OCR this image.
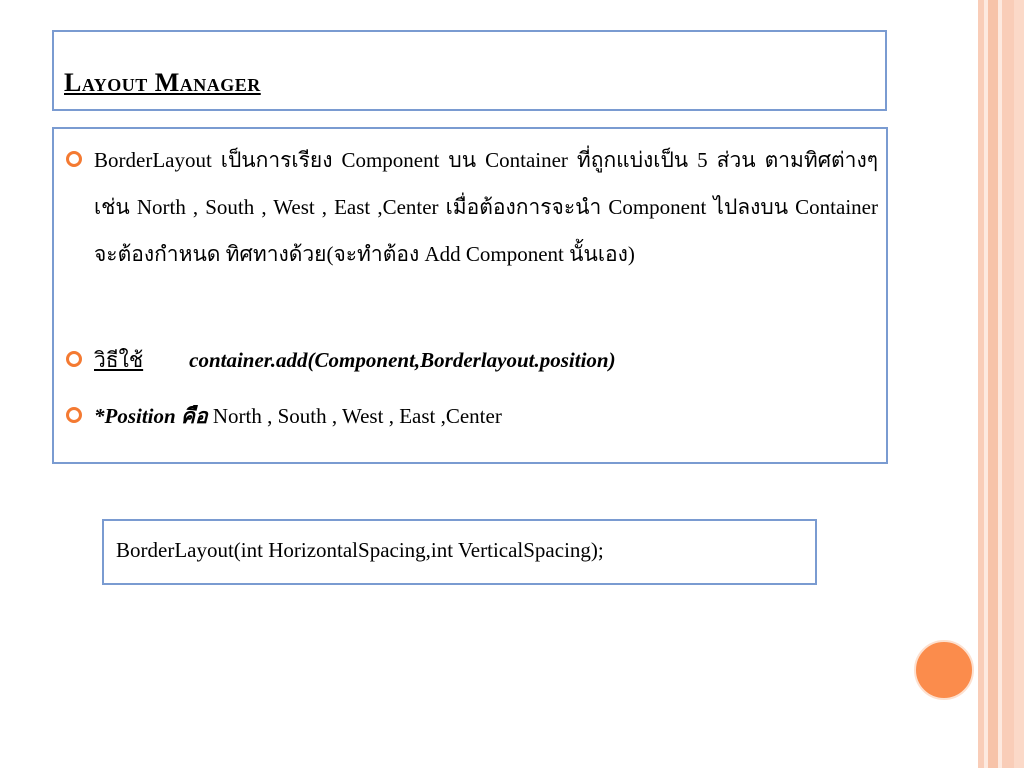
Layout Manager
BorderLayout เป็นการเรียง Component บน Container ที่ถูกแบ่งเป็น 5 ส่วน ตามทิศต่างๆ เช่น North , South , West , East ,Center เมื่อต้องการจะนำ Component ไปลงบน Container จะต้องกำหนด ทิศทางด้วย(จะทำต้อง Add Component นั้นเอง)
วิธีใช้ container.add(Component,Borderlayout.position)
*Position คือ North , South , West , East ,Center
BorderLayout(int HorizontalSpacing,int VerticalSpacing);
